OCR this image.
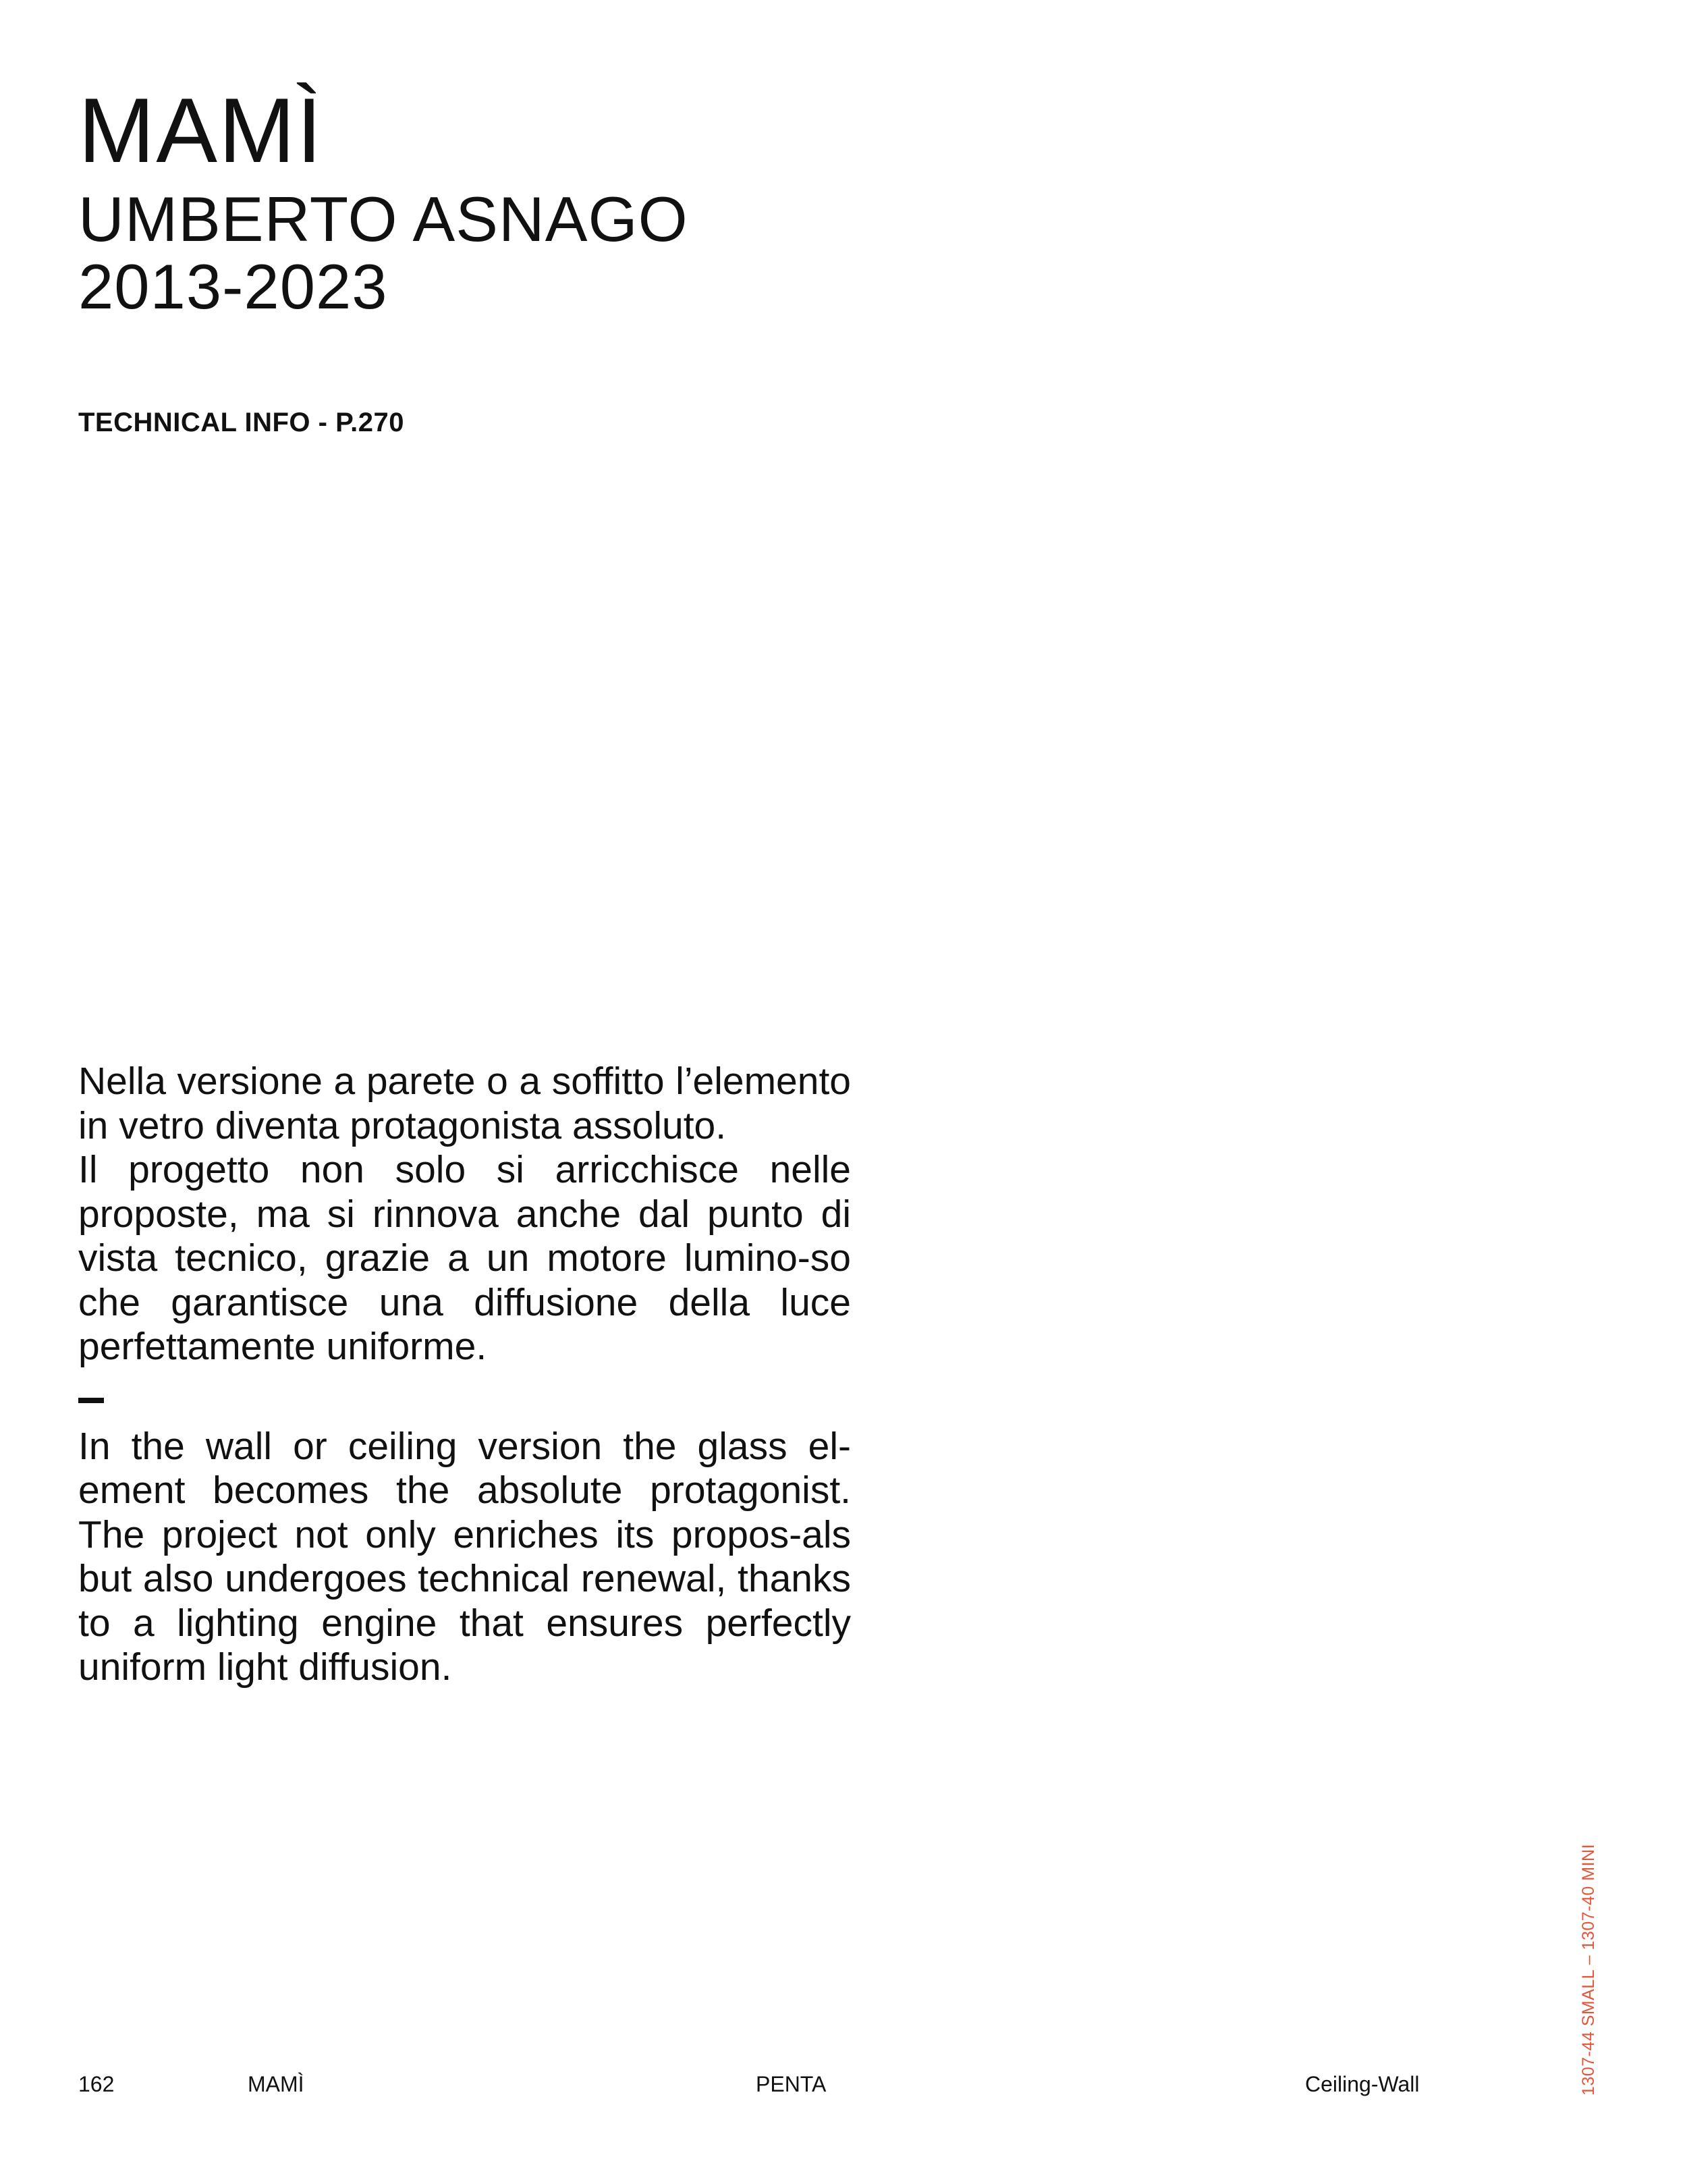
MAMÌ
UMBERTO ASNAGO
2013-2023
TECHNICAL INFO - P.270

Nella versione a parete o a soffitto l’elemento in vetro diventa protagonista assoluto.
Il progetto non solo si arricchisce nelle proposte, ma si rinnova anche dal punto di vista tecnico, grazie a un motore lumino-so che garantisce una diffusione della luce perfettamente uniforme.

In the wall or ceiling version the glass el-ement becomes the absolute protagonist. The project not only enriches its propos-als but also undergoes technical renewal, thanks to a lighting engine that ensures perfectly uniform light diffusion.

1307-44 SMALL – 1307-40 MINI
162	MAMÌ	PENTA	Ceiling-Wall
